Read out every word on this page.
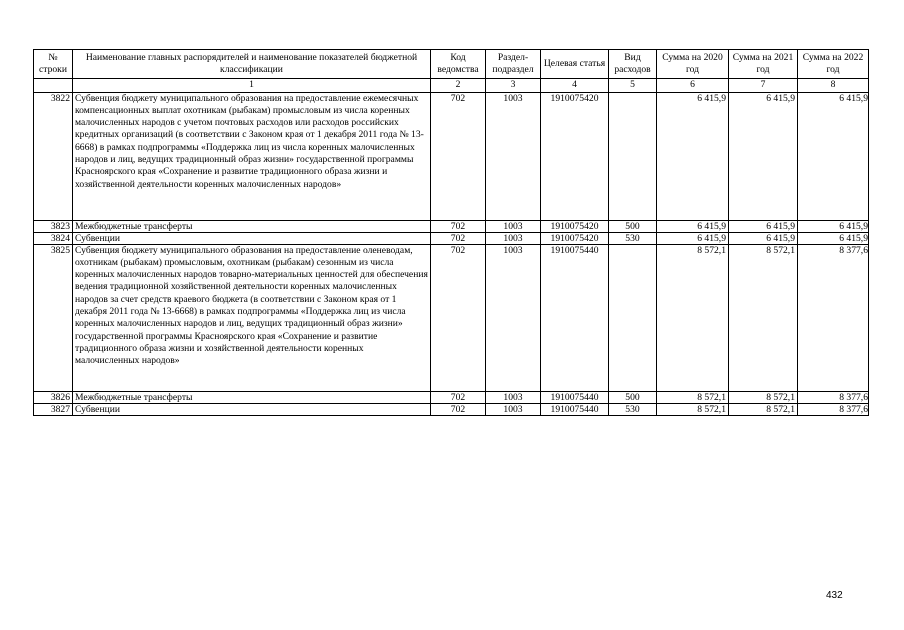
№ строки	Наименование главных распорядителей и наименование показателей бюджетной классификации	Код ведомства	Раздел-подраздел	Целевая статья	Вид расходов	Сумма на 2020 год	Сумма на 2021 год	Сумма на 2022 год
	1	2	3	4	5	6	7	8
3822	Субвенция бюджету муниципального образования на предоставление ежемесячных компенсационных выплат охотникам (рыбакам) промысловым из числа коренных малочисленных народов с учетом почтовых расходов или расходов российских кредитных организаций (в соответствии с Законом края от 1 декабря 2011 года № 13-6668) в рамках подпрограммы «Поддержка лиц из числа коренных малочисленных народов и лиц, ведущих традиционный образ жизни» государственной программы Красноярского края «Сохранение и развитие традиционного образа жизни и хозяйственной деятельности коренных малочисленных народов»	702	1003	1910075420		6 415,9	6 415,9	6 415,9
3823	Межбюджетные трансферты	702	1003	1910075420	500	6 415,9	6 415,9	6 415,9
3824	Субвенции	702	1003	1910075420	530	6 415,9	6 415,9	6 415,9
3825	Субвенция бюджету муниципального образования на предоставление оленеводам, охотникам (рыбакам) промысловым, охотникам (рыбакам) сезонным из числа коренных малочисленных народов товарно-материальных ценностей для обеспечения ведения традиционной хозяйственной деятельности коренных малочисленных народов за счет средств краевого бюджета (в соответствии с Законом края от 1 декабря 2011 года № 13-6668) в рамках подпрограммы «Поддержка лиц из числа коренных малочисленных народов и лиц, ведущих традиционный образ жизни» государственной программы Красноярского края «Сохранение и развитие традиционного образа жизни и хозяйственной деятельности коренных малочисленных народов»	702	1003	1910075440		8 572,1	8 572,1	8 377,6
3826	Межбюджетные трансферты	702	1003	1910075440	500	8 572,1	8 572,1	8 377,6
3827	Субвенции	702	1003	1910075440	530	8 572,1	8 572,1	8 377,6
432
